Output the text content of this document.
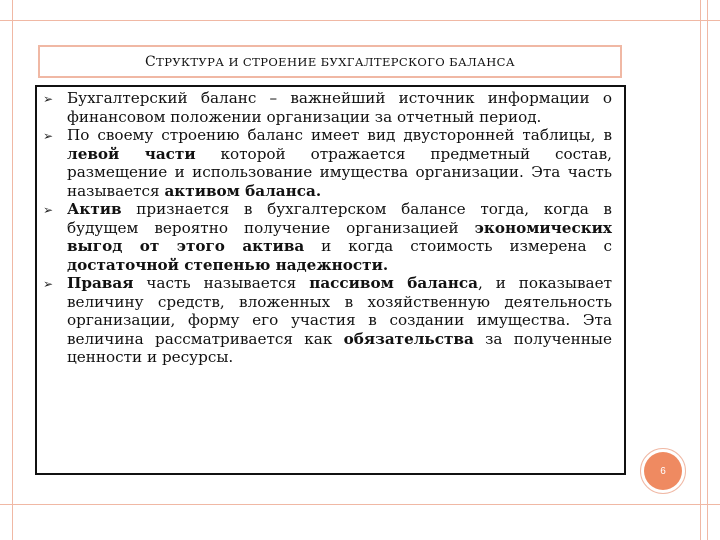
С ТРУКТУРА И СТРОЕНИЕ БУХГАЛТЕРСКОГО БАЛАНСА
➢ Бухгалтерский баланс – важнейший источник информации о финансовом положении организации за отчетный период.

➢ По своему строению баланс имеет вид двусторонней таблицы, в левой части которой отражается предметный состав, размещение и использование имущества организации. Эта часть называется активом баланса.

➢ Актив признается в бухгалтерском балансе тогда, когда в будущем вероятно получение организацией экономических выгод от этого актива и когда стоимость измерена с достаточной степенью надежности.

➢ Правая часть называется пассивом баланса, и показывает величину средств, вложенных в хозяйственную деятельность организации, форму его участия в создании имущества. Эта величина рассматривается как обязательства за полученные ценности и ресурсы.

6
